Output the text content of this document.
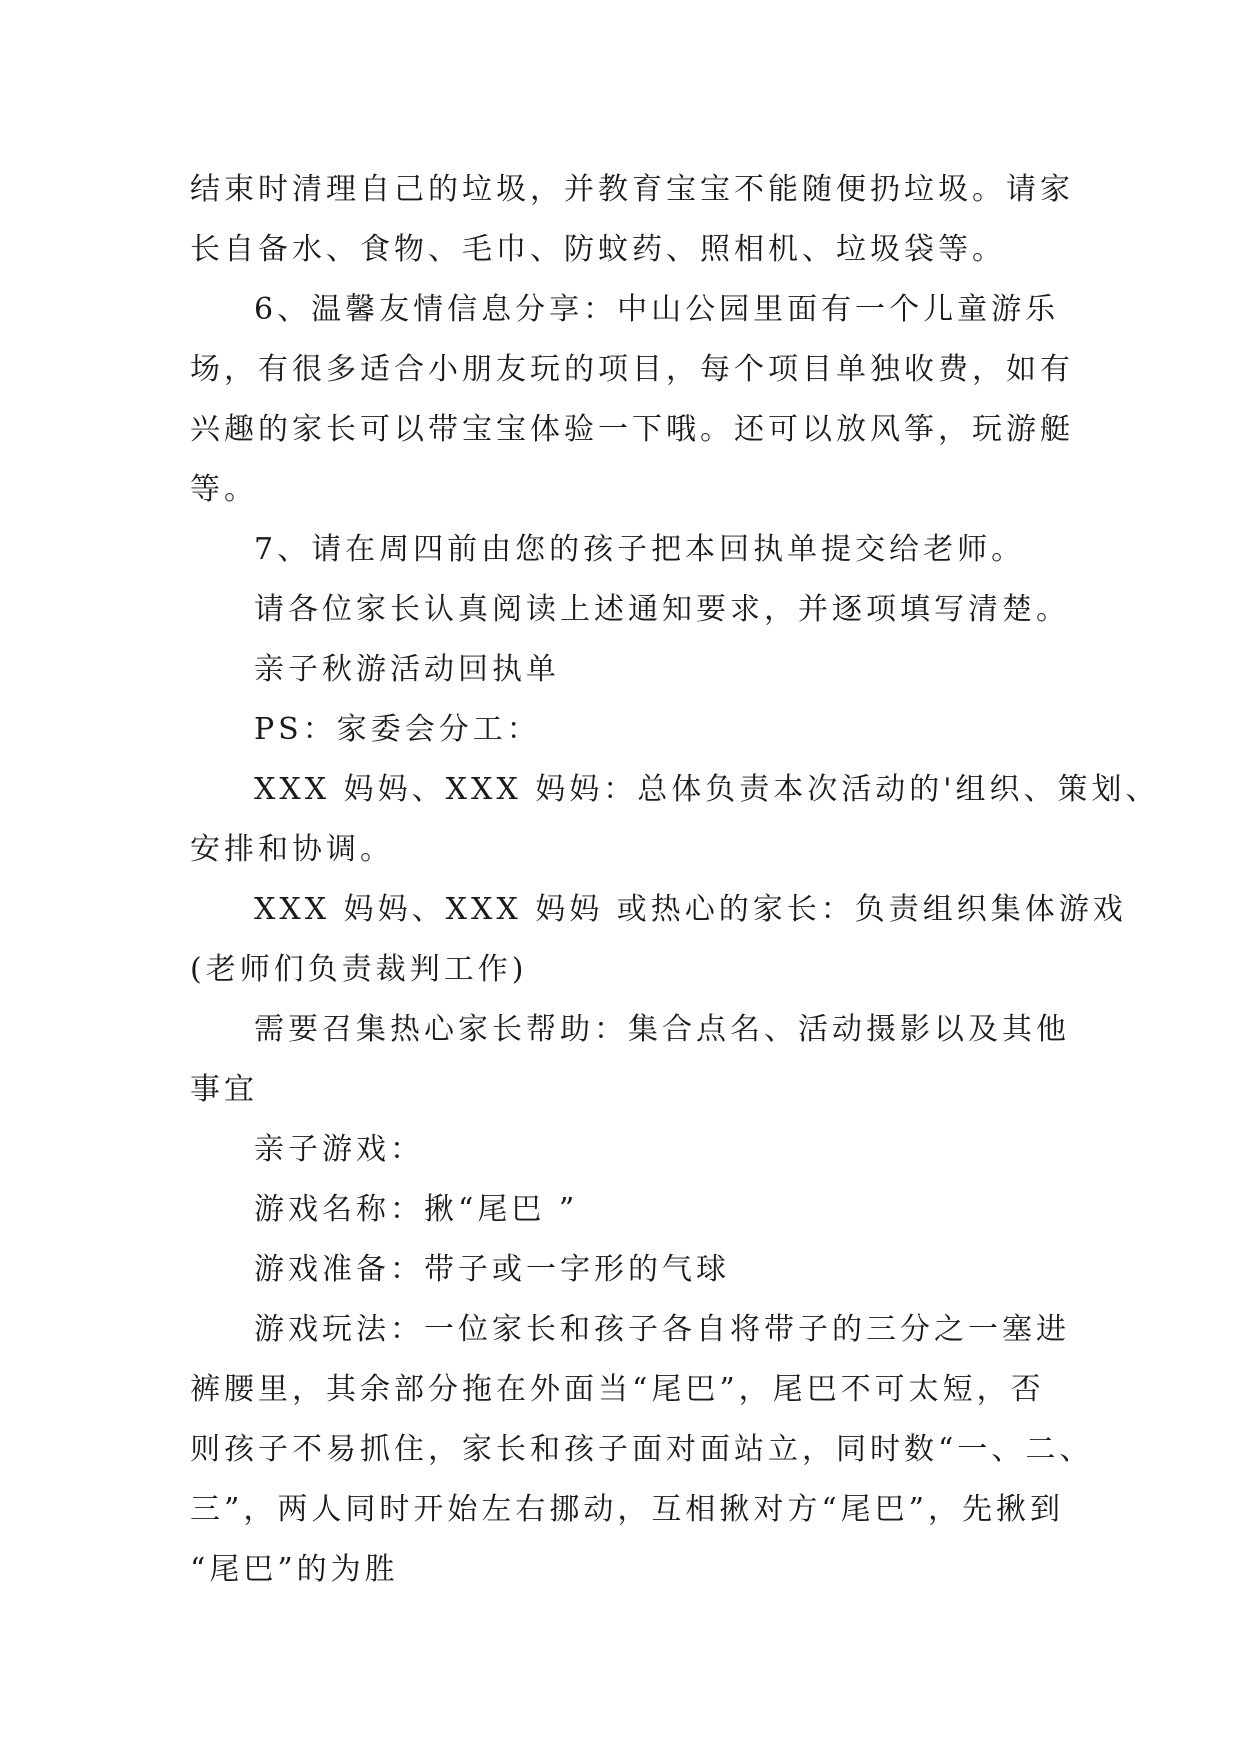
结束时清理自己的垃圾，并教育宝宝不能随便扔垃圾。请家
长自备水、食物、毛巾、防蚊药、照相机、垃圾袋等。
6、温馨友情信息分享：中山公园里面有一个儿童游乐
场，有很多适合小朋友玩的项目，每个项目单独收费，如有
兴趣的家长可以带宝宝体验一下哦。还可以放风筝，玩游艇
等。
7、请在周四前由您的孩子把本回执单提交给老师。
请各位家长认真阅读上述通知要求，并逐项填写清楚。
亲子秋游活动回执单
PS：家委会分工：
XXX 妈妈、XXX 妈妈：总体负责本次活动的'组织、策划、
安排和协调。
XXX 妈妈、XXX 妈妈 或热心的家长：负责组织集体游戏
(老师们负责裁判工作)
需要召集热心家长帮助：集合点名、活动摄影以及其他
事宜
亲子游戏：
游戏名称：揪“尾巴 ”
游戏准备：带子或一字形的气球
游戏玩法：一位家长和孩子各自将带子的三分之一塞进
裤腰里，其余部分拖在外面当“尾巴”，尾巴不可太短，否
则孩子不易抓住，家长和孩子面对面站立，同时数“一、二、
三”，两人同时开始左右挪动，互相揪对方“尾巴”，先揪到
“尾巴”的为胜
